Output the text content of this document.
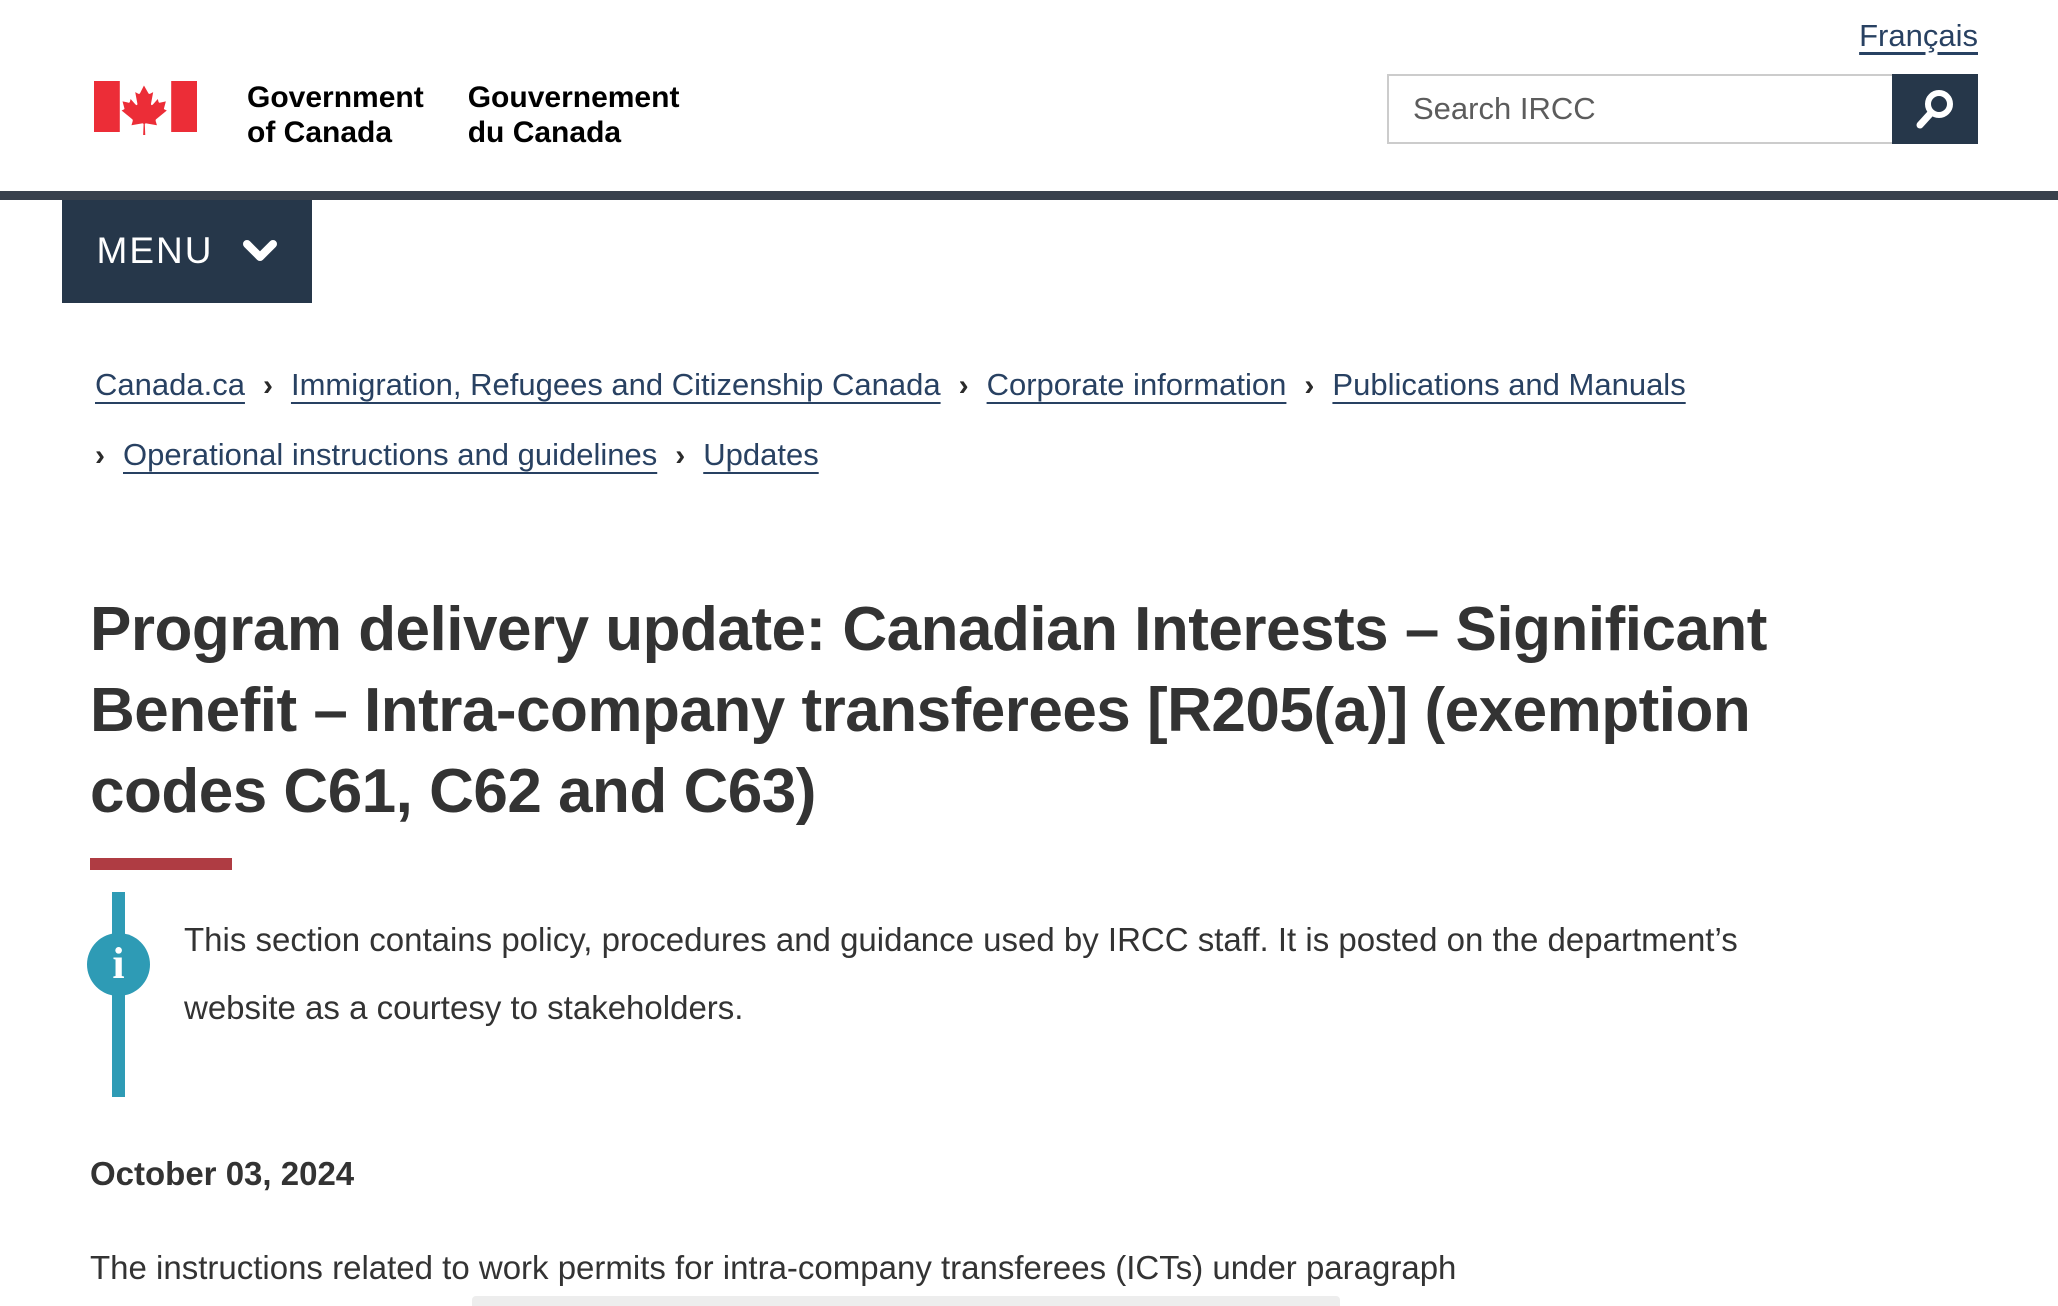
Français
Government
of Canada
Gouvernement
du Canada
Search IRCC
MENU
Canada.ca › Immigration, Refugees and Citizenship Canada › Corporate information › Publications and Manuals
› Operational instructions and guidelines › Updates
Program delivery update: Canadian Interests – Significant Benefit – Intra-company transferees [R205(a)] (exemption codes C61, C62 and C63)
i	This section contains policy, procedures and guidance used by IRCC staff. It is posted on the department’s website as a courtesy to stakeholders.
October 03, 2024

The instructions related to work permits for intra-company transferees (ICTs) under paragraph
